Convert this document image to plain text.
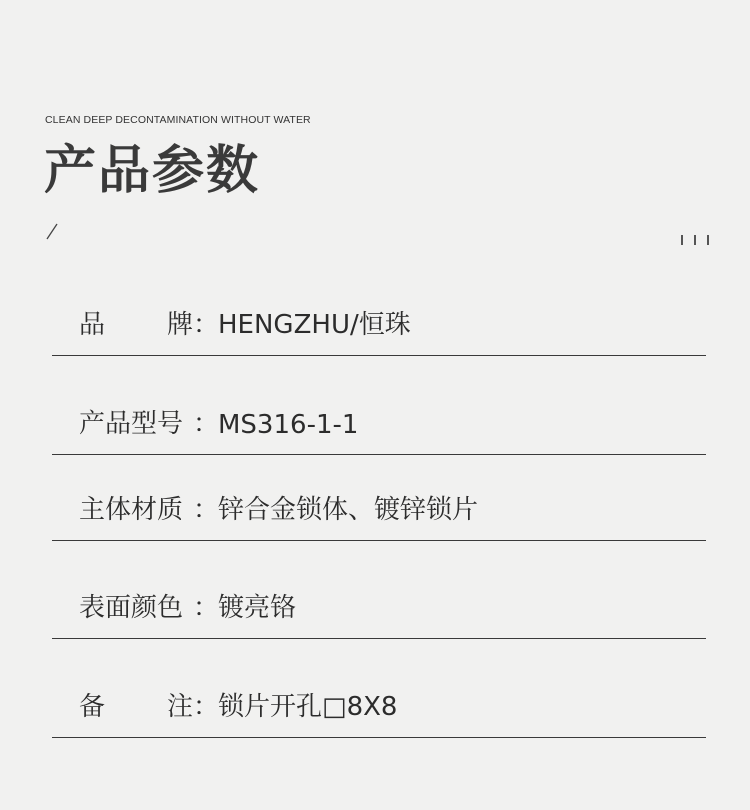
CLEAN DEEP DECONTAMINATION WITHOUT WATER
产品参数
品 牌 ：
HENGZHU/恒珠
产品型号 ：
MS316-1-1
主体材质 ：
锌合金锁体、镀锌锁片
表面颜色 ：
镀亮铬
备 注 ：
锁片开孔□8X8
